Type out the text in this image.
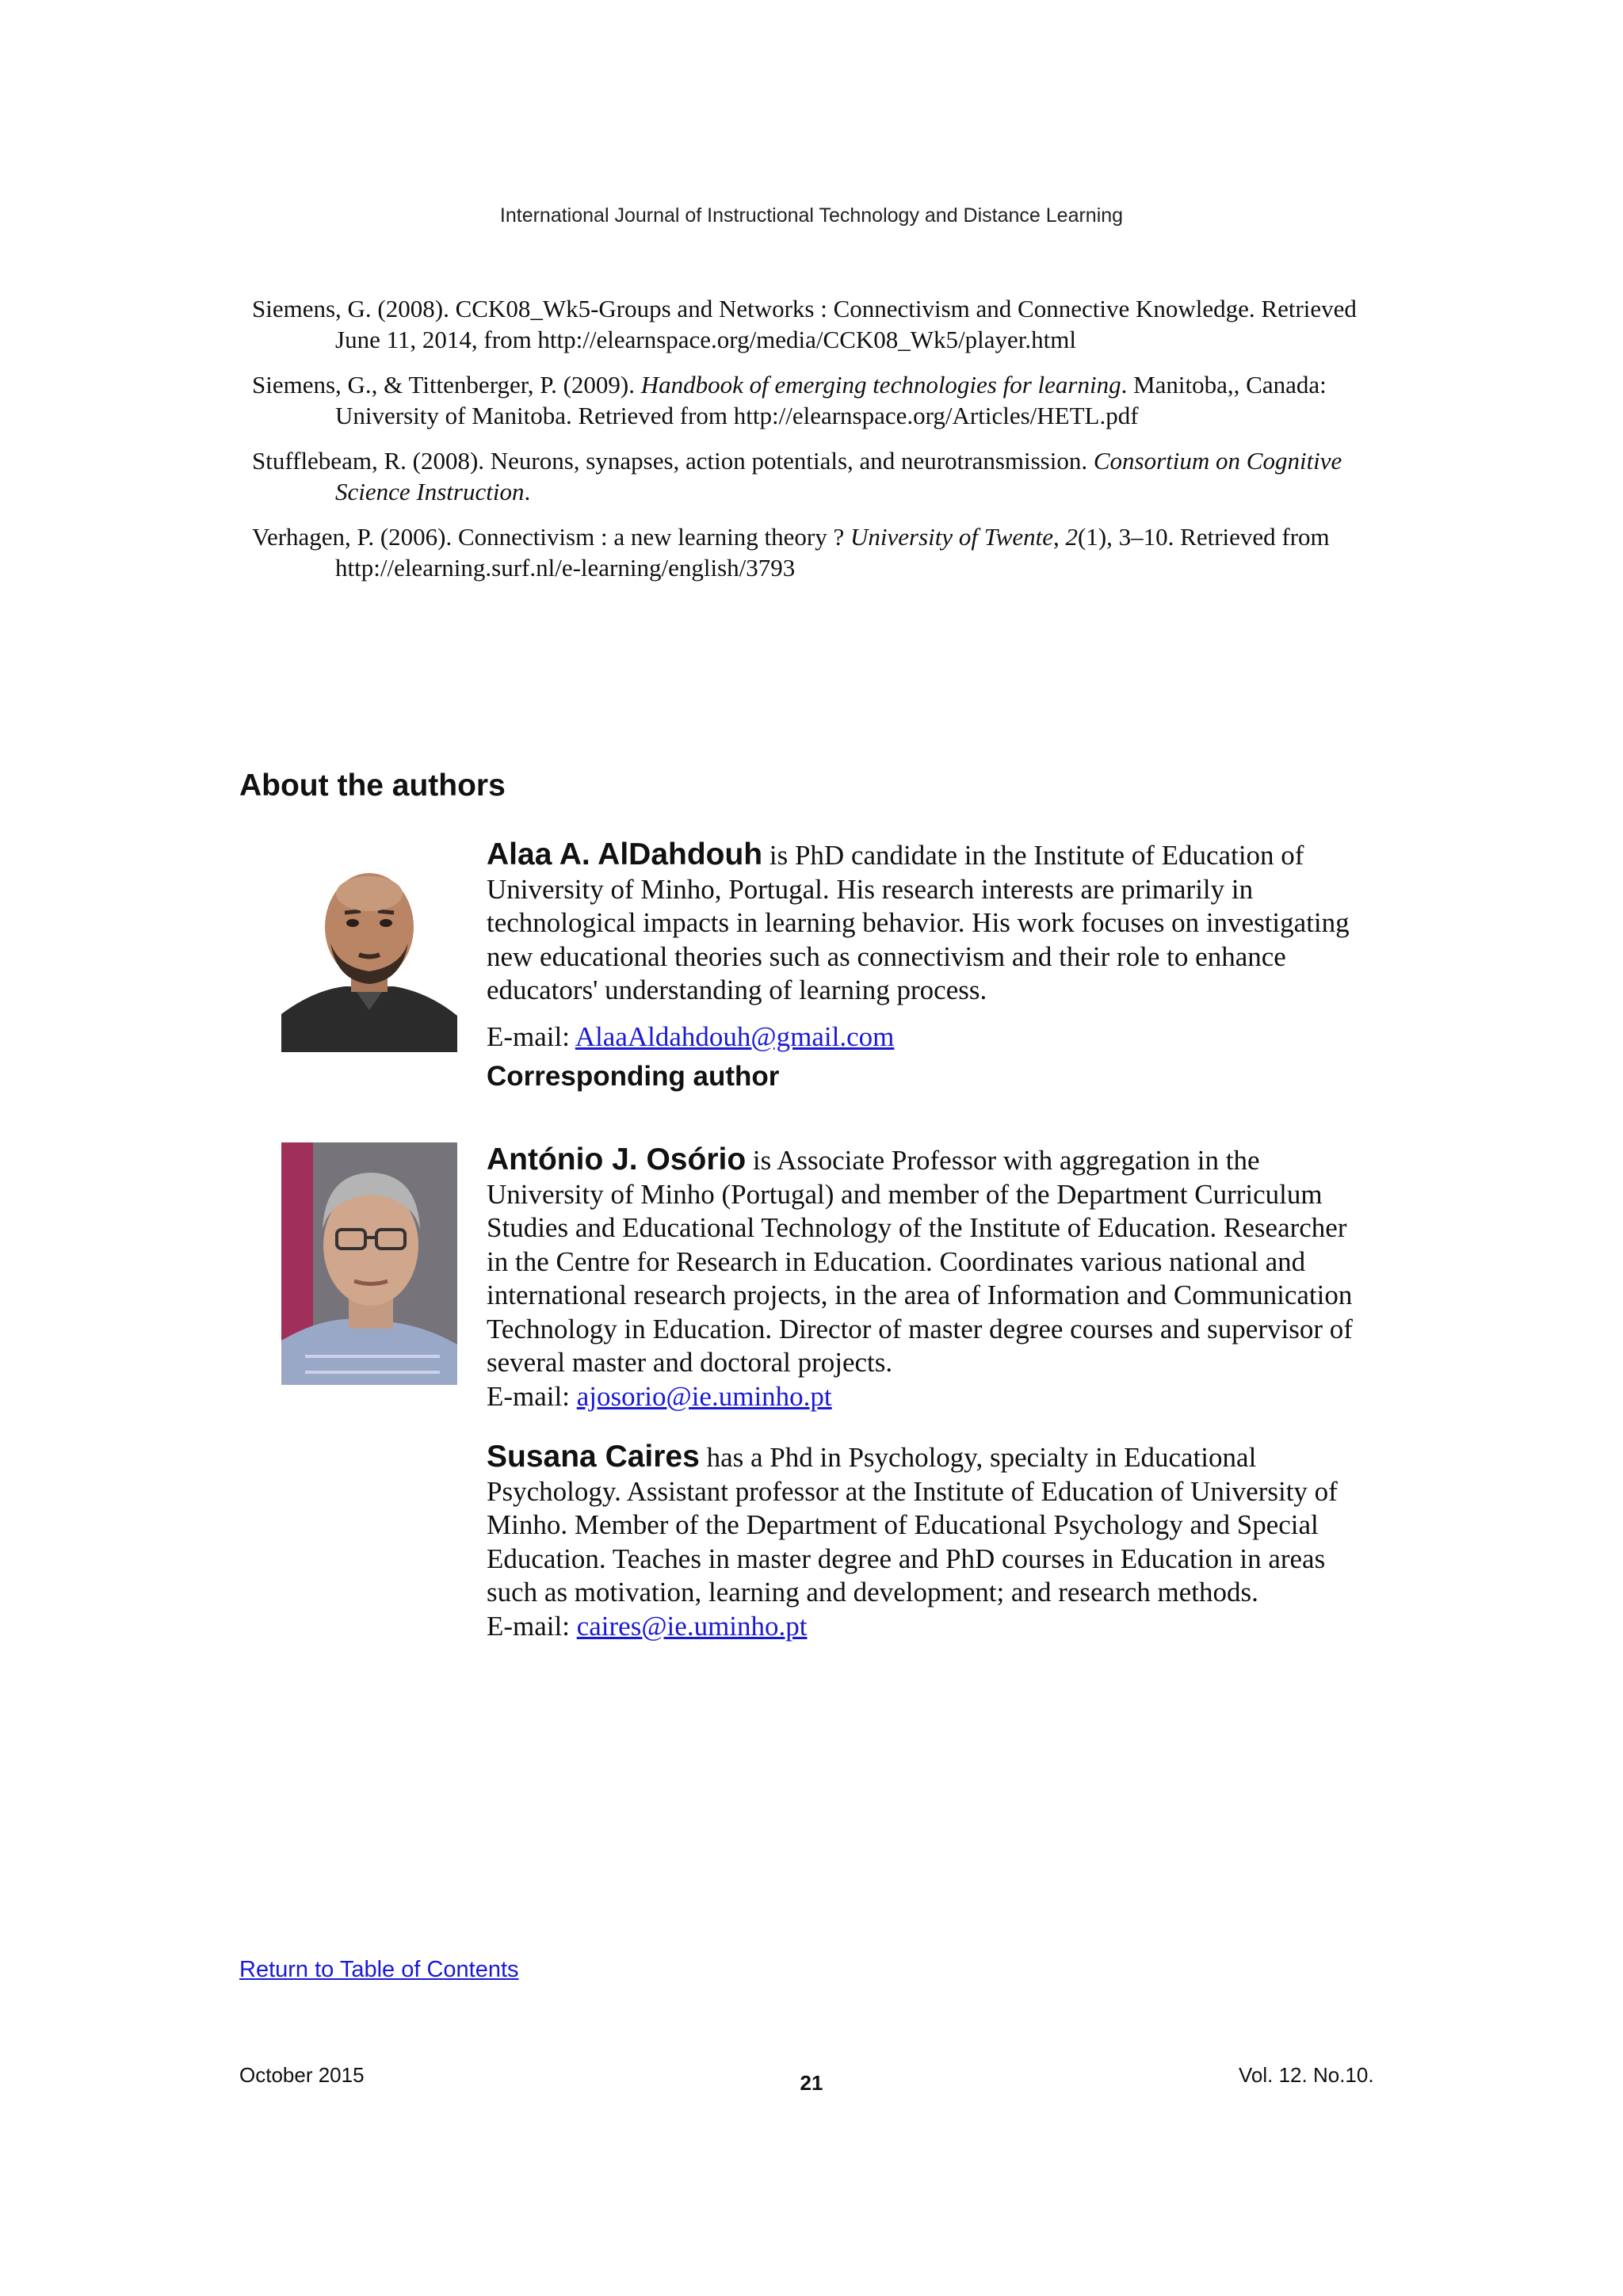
International Journal of Instructional Technology and Distance Learning
Siemens, G. (2008). CCK08_Wk5-Groups and Networks : Connectivism and Connective Knowledge. Retrieved June 11, 2014, from http://elearnspace.org/media/CCK08_Wk5/player.html
Siemens, G., & Tittenberger, P. (2009). Handbook of emerging technologies for learning. Manitoba,, Canada: University of Manitoba. Retrieved from http://elearnspace.org/Articles/HETL.pdf
Stufflebeam, R. (2008). Neurons, synapses, action potentials, and neurotransmission. Consortium on Cognitive Science Instruction.
Verhagen, P. (2006). Connectivism : a new learning theory ? University of Twente, 2(1), 3–10. Retrieved from http://elearning.surf.nl/e-learning/english/3793
About the authors
Alaa A. AlDahdouh is PhD candidate in the Institute of Education of University of Minho, Portugal. His research interests are primarily in technological impacts in learning behavior. His work focuses on investigating new educational theories such as connectivism and their role to enhance educators' understanding of learning process.
E-mail: AlaaAldahdouh@gmail.com
Corresponding author
António J. Osório is Associate Professor with aggregation in the University of Minho (Portugal) and member of the Department Curriculum Studies and Educational Technology of the Institute of Education. Researcher in the Centre for Research in Education. Coordinates various national and international research projects, in the area of Information and Communication Technology in Education. Director of master degree courses and supervisor of several master and doctoral projects.
E-mail: ajosorio@ie.uminho.pt
Susana Caires has a Phd in Psychology, specialty in Educational Psychology. Assistant professor at the Institute of Education of University of Minho. Member of the Department of Educational Psychology and Special Education. Teaches in master degree and PhD courses in Education in areas such as motivation, learning and development; and research methods.
E-mail: caires@ie.uminho.pt
Return to Table of Contents
October 2015	21	Vol. 12. No.10.
